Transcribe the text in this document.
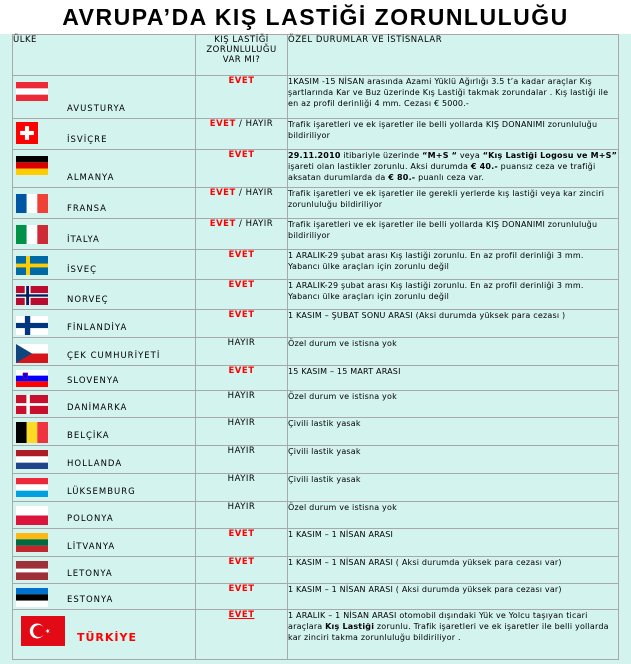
AVRUPA’DA KIŞ LASTİĞİ ZORUNLULUĞU
ÜLKE	KIŞ LASTİĞİ
ZORUNLULUĞU
VAR MI?	ÖZEL DURUMLAR VE İSTİSNALAR

AVUSTURYA	EVET	1KASIM -15 NİSAN arasında Azami Yüklü Ağırlığı 3.5 t’a kadar araçlar Kış şartlarında Kar ve Buz üzerinde Kış Lastiği takmak zorundalar . Kış lastiği ile en az profil derinliği 4 mm. Cezası € 5000.-

İSVİÇRE	EVET / HAYIR	Trafik işaretleri ve ek işaretler ile belli yollarda KIŞ DONANIMI zorunluluğu bildiriliyor

ALMANYA	EVET	29.11.2010 itibariyle üzerinde “M+S “ veya “Kış Lastiği Logosu ve M+S” işareti olan lastikler zorunlu. Aksi durumda € 40.- puansız ceza ve trafiği aksatan durumlarda da € 80.- puanlı ceza var.

FRANSA	EVET / HAYIR	Trafik işaretleri ve ek işaretler ile gerekli yerlerde kış lastiği veya kar zinciri zorunluluğu bildiriliyor

İTALYA	EVET / HAYIR	Trafik işaretleri ve ek işaretler ile belli yollarda KIŞ DONANIMI zorunluluğu bildiriliyor

İSVEÇ	EVET	1 ARALIK-29 şubat arası Kış lastiği zorunlu. En az profil derinliği 3 mm. Yabancı ülke araçları için zorunlu değil

NORVEÇ	EVET	1 ARALIK-29 şubat arası Kış lastiği zorunlu. En az profil derinliği 3 mm. Yabancı ülke araçları için zorunlu değil

FİNLANDİYA	EVET	1 KASIM – ŞUBAT SONU ARASI (Aksi durumda yüksek para cezası )

ÇEK CUMHURİYETİ	HAYIR	Özel durum ve istisna yok

SLOVENYA	EVET	15 KASIM – 15 MART ARASI

DANİMARKA	HAYIR	Özel durum ve istisna yok

BELÇİKA	HAYIR	Çivili lastik yasak

HOLLANDA	HAYIR	Çivili lastik yasak

LÜKSEMBURG	HAYIR	Çivili lastik yasak

POLONYA	HAYIR	Özel durum ve istisna yok

LİTVANYA	EVET	1 KASIM – 1 NİSAN ARASI

LETONYA	EVET	1 KASIM – 1 NİSAN ARASI ( Aksi durumda yüksek para cezası var)

ESTONYA	EVET	1 KASIM – 1 NİSAN ARASI ( Aksi durumda yüksek para cezası var)

TÜRKİYE	EVET	1 ARALIK – 1 NİSAN ARASI otomobil dışındaki Yük ve Yolcu taşıyan ticari araçlara Kış Lastiği zorunlu. Trafik işaretleri ve ek işaretler ile belli yollarda kar zinciri takma zorunluluğu bildiriliyor .
